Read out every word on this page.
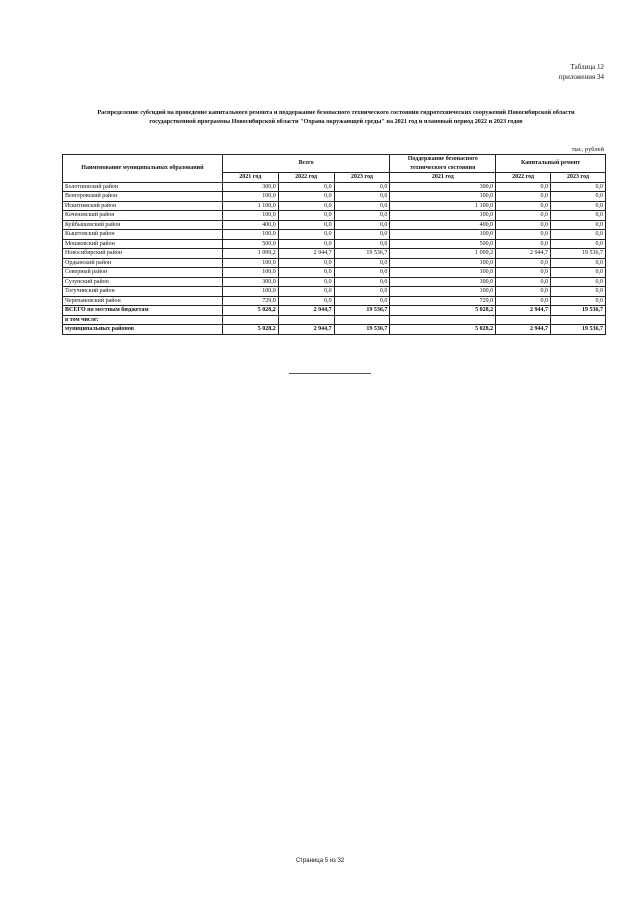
Таблица 12
приложения 34
Распределение субсидий на проведение капитального ремонта и поддержание безопасного технического состояния гидротехнических сооружений Новосибирской области
государственной программы Новосибирской области "Охрана окружающей среды" на 2021 год и плановый период 2022 и 2023 годов
тыс. рублей
Наименование муниципальных образований	Всего			Поддержание безопасного технического состояния	Капитальный ремонт	
	2021 год	2022 год	2023 год	2021 год	2022 год	2023 год
Болотнинский район	300,0	0,0	0,0	300,0	0,0	0,0
Венгеровский район	100,0	0,0	0,0	100,0	0,0	0,0
Искитимский район	1 100,0	0,0	0,0	1 100,0	0,0	0,0
Коченевский район	100,0	0,0	0,0	100,0	0,0	0,0
Куйбышевский район	400,0	0,0	0,0	400,0	0,0	0,0
Кыштовский район	100,0	0,0	0,0	100,0	0,0	0,0
Мошковский район	500,0	0,0	0,0	500,0	0,0	0,0
Новосибирский район	1 099,2	2 944,7	19 536,7	1 099,2	2 944,7	19 536,7
Ордынский район	100,0	0,0	0,0	100,0	0,0	0,0
Северный район	100,0	0,0	0,0	100,0	0,0	0,0
Сузунский район	300,0	0,0	0,0	300,0	0,0	0,0
Тогучинский район	100,0	0,0	0,0	100,0	0,0	0,0
Черепановский район	729,0	0,0	0,0	729,0	0,0	0,0
ВСЕГО по местным бюджетам	5 028,2	2 944,7	19 536,7	5 028,2	2 944,7	19 536,7
в том числе:						
муниципальных районов	5 028,2	2 944,7	19 536,7	5 028,2	2 944,7	19 536,7
Страница 5 из 32
